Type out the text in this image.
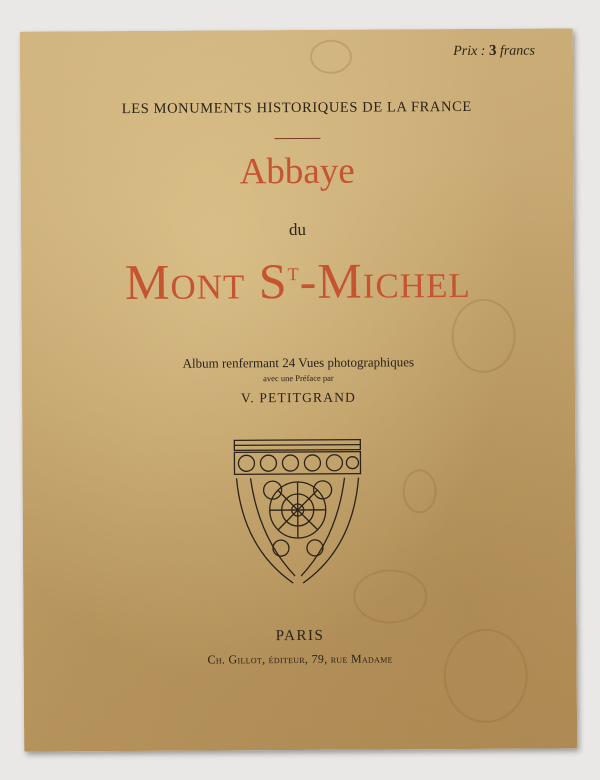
Prix : 3 francs
LES MONUMENTS HISTORIQUES DE LA FRANCE
Abbaye
du
Mont $S^t$-Michel
Album renfermant 24 Vues photographiques
avec une Préface par
V. PETITGRAND
PARIS
Ch. Gillot, éditeur, 79, rue Madame
